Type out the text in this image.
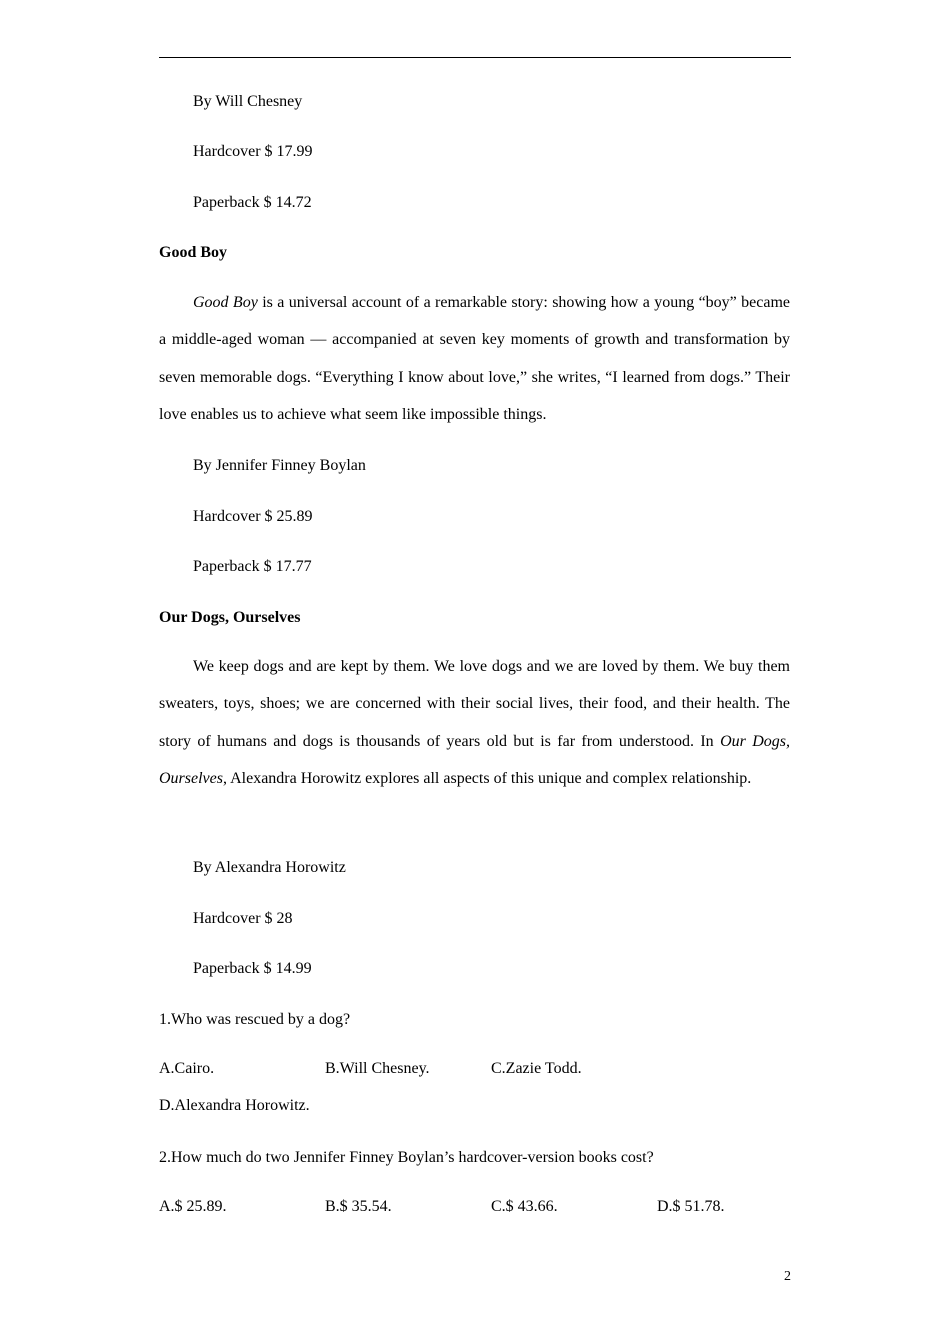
By Will Chesney
Hardcover $ 17.99
Paperback $ 14.72
Good Boy
Good Boy is a universal account of a remarkable story: showing how a young “boy” became a middle-aged woman — accompanied at seven key moments of growth and transformation by seven memorable dogs. “Everything I know about love,” she writes, “I learned from dogs.” Their love enables us to achieve what seem like impossible things.
By Jennifer Finney Boylan
Hardcover $ 25.89
Paperback $ 17.77
Our Dogs, Ourselves
We keep dogs and are kept by them. We love dogs and we are loved by them. We buy them sweaters, toys, shoes; we are concerned with their social lives, their food, and their health. The story of humans and dogs is thousands of years old but is far from understood. In Our Dogs, Ourselves, Alexandra Horowitz explores all aspects of this unique and complex relationship.
By Alexandra Horowitz
Hardcover $ 28
Paperback $ 14.99
1.Who was rescued by a dog?
A.Cairo.	B.Will Chesney.	C.Zazie Todd.D.Alexandra Horowitz.
2.How much do two Jennifer Finney Boylan’s hardcover-version books cost?
A.$ 25.89.	B.$ 35.54.	C.$ 43.66.	D.$ 51.78.
2
